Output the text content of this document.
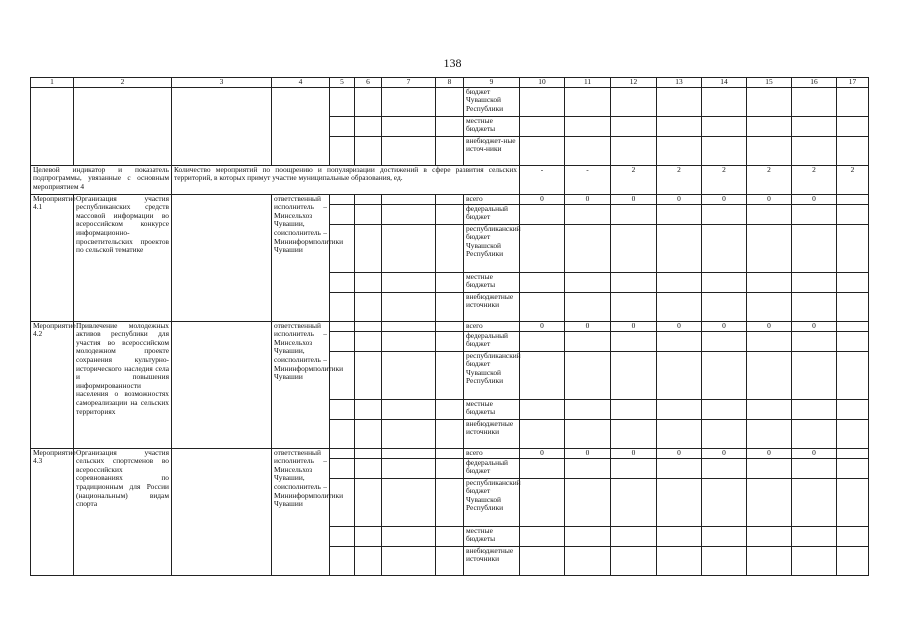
138
1	2	3	4	5	6	7	8	9	10	11	12	13	14	15	16	17
								бюджет Чувашской Республики								
								местные бюджеты								
								внебюджет-ные источ-ники								
Целевой индикатор и показатель подпрограммы, увязанные с основным мероприятием 4		Количество мероприятий по поощрению и популяризации достижений в сфере развития сельских территорий, в которых примут участие муниципальные образования, ед.							-	-	2	2	2	2	2	2
Мероприятие 4.1	Организация участия республиканских средств массовой информации во всероссийском конкурсе информационно-просветительских проектов по сельской тематике		ответственный исполнитель – Минсельхоз Чувашии, соисполнитель – Мининформполитики Чувашии					всего	0	0	0	0	0	0	0	
								федеральный бюджет								
								республиканский бюджет Чувашской Республики								
								местные бюджеты								
								внебюджетные источники								
Мероприятие 4.2	Привлечение молодежных активов республики для участия во всероссийском молодежном проекте сохранения культурно-исторического наследия села и повышения информированности населения о возможностях самореализации на сельских территориях		ответственный исполнитель – Минсельхоз Чувашии, соисполнитель – Мининформполитики Чувашии					всего	0	0	0	0	0	0	0	
								федеральный бюджет								
								республиканский бюджет Чувашской Республики								
								местные бюджеты								
								внебюджетные источники								
Мероприятие 4.3	Организация участия сельских спортсменов во всероссийских соревнованиях по традиционным для России (национальным) видам спорта		ответственный исполнитель – Минсельхоз Чувашии, соисполнитель – Мининформполитики Чувашии					всего	0	0	0	0	0	0	0	
								федеральный бюджет								
								республиканский бюджет Чувашской Республики								
								местные бюджеты								
								внебюджетные источники								
